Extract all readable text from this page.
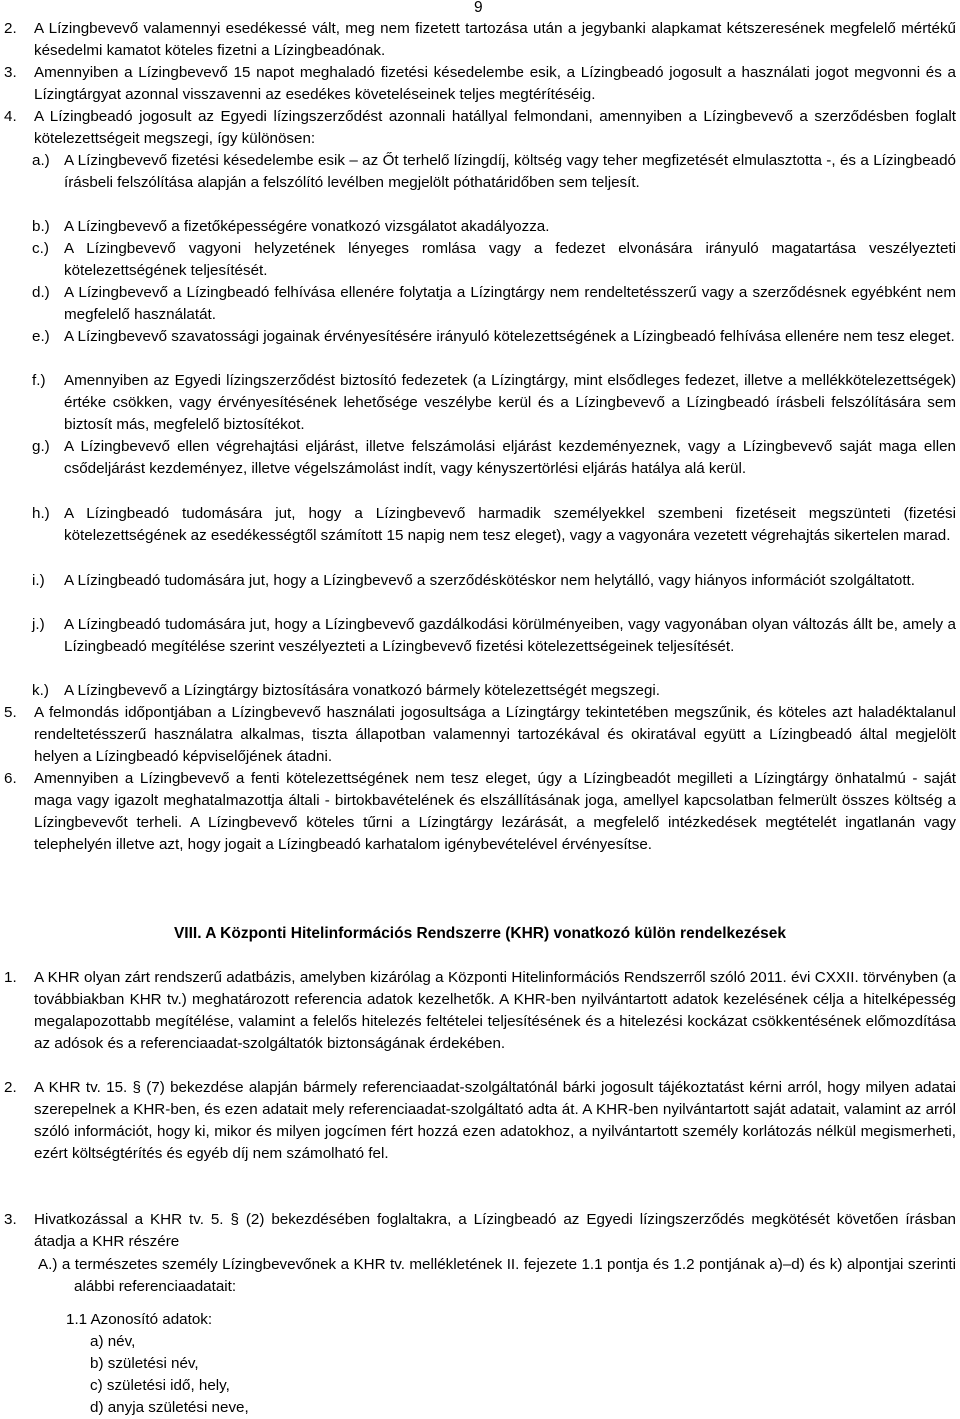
9
2. A Lízingbevevő valamennyi esedékessé vált, meg nem fizetett tartozása után a jegybanki alapkamat kétszeresének megfelelő mértékű késedelmi kamatot köteles fizetni a Lízingbeadónak.
3. Amennyiben a Lízingbevevő 15 napot meghaladó fizetési késedelembe esik, a Lízingbeadó jogosult a használati jogot megvonni és a Lízingtárgyat azonnal visszavenni az esedékes követeléseinek teljes megtérítéséig.
4. A Lízingbeadó jogosult az Egyedi lízingszerződést azonnali hatállyal felmondani, amennyiben a Lízingbevevő a szerződésben foglalt kötelezettségeit megszegi, így különösen:
a.) A Lízingbevevő fizetési késedelembe esik – az Őt terhelő lízingdíj, költség vagy teher megfizetését elmulasztotta -, és a Lízingbeadó írásbeli felszólítása alapján a felszólító levélben megjelölt póthatáridőben sem teljesít.
b.) A Lízingbevevő a fizetőképességére vonatkozó vizsgálatot akadályozza.
c.) A Lízingbevevő vagyoni helyzetének lényeges romlása vagy a fedezet elvonására irányuló magatartása veszélyezteti kötelezettségének teljesítését.
d.) A Lízingbevevő a Lízingbeadó felhívása ellenére folytatja a Lízingtárgy nem rendeltetésszerű vagy a szerződésnek egyébként nem megfelelő használatát.
e.) A Lízingbevevő szavatossági jogainak érvényesítésére irányuló kötelezettségének a Lízingbeadó felhívása ellenére nem tesz eleget.
f.) Amennyiben az Egyedi lízingszerződést biztosító fedezetek (a Lízingtárgy, mint elsődleges fedezet, illetve a mellékkötelezettségek) értéke csökken, vagy érvényesítésének lehetősége veszélybe kerül és a Lízingbevevő a Lízingbeadó írásbeli felszólítására sem biztosít más, megfelelő biztosítékot.
g.) A Lízingbevevő ellen végrehajtási eljárást, illetve felszámolási eljárást kezdeményeznek, vagy a Lízingbevevő saját maga ellen csődeljárást kezdeményez, illetve végelszámolást indít, vagy kényszertörlési eljárás hatálya alá kerül.
h.) A Lízingbeadó tudomására jut, hogy a Lízingbevevő harmadik személyekkel szembeni fizetéseit megszünteti (fizetési kötelezettségének az esedékességtől számított 15 napig nem tesz eleget), vagy a vagyonára vezetett végrehajtás sikertelen marad.
i.) A Lízingbeadó tudomására jut, hogy a Lízingbevevő a szerződéskötéskor nem helytálló, vagy hiányos információt szolgáltatott.
j.) A Lízingbeadó tudomására jut, hogy a Lízingbevevő gazdálkodási körülményeiben, vagy vagyonában olyan változás állt be, amely a Lízingbeadó megítélése szerint veszélyezteti a Lízingbevevő fizetési kötelezettségeinek teljesítését.
k.) A Lízingbevevő a Lízingtárgy biztosítására vonatkozó bármely kötelezettségét megszegi.
5. A felmondás időpontjában a Lízingbevevő használati jogosultsága a Lízingtárgy tekintetében megszűnik, és köteles azt haladéktalanul rendeltetésszerű használatra alkalmas, tiszta állapotban valamennyi tartozékával és okiratával együtt a Lízingbeadó által megjelölt helyen a Lízingbeadó képviselőjének átadni.
6. Amennyiben a Lízingbevevő a fenti kötelezettségének nem tesz eleget, úgy a Lízingbeadót megilleti a Lízingtárgy önhatalmú - saját maga vagy igazolt meghatalmazottja általi - birtokbavételének és elszállításának joga, amellyel kapcsolatban felmerült összes költség a Lízingbevevőt terheli. A Lízingbevevő köteles tűrni a Lízingtárgy lezárását, a megfelelő intézkedések megtételét ingatlanán vagy telephelyén illetve azt, hogy jogait a Lízingbeadó karhatalom igénybevételével érvényesítse.
VIII. A Központi Hitelinformációs Rendszerre (KHR) vonatkozó külön rendelkezések
1. A KHR olyan zárt rendszerű adatbázis, amelyben kizárólag a Központi Hitelinformációs Rendszerről szóló 2011. évi CXXII. törvényben (a továbbiakban KHR tv.) meghatározott referencia adatok kezelhetők. A KHR-ben nyilvántartott adatok kezelésének célja a hitelképesség megalapozottabb megítélése, valamint a felelős hitelezés feltételei teljesítésének és a hitelezési kockázat csökkentésének előmozdítása az adósok és a referenciaadat-szolgáltatók biztonságának érdekében.
2. A KHR tv. 15. § (7) bekezdése alapján bármely referenciaadat-szolgáltatónál bárki jogosult tájékoztatást kérni arról, hogy milyen adatai szerepelnek a KHR-ben, és ezen adatait mely referenciaadat-szolgáltató adta át. A KHR-ben nyilvántartott saját adatait, valamint az arról szóló információt, hogy ki, mikor és milyen jogcímen fért hozzá ezen adatokhoz, a nyilvántartott személy korlátozás nélkül megismerheti, ezért költségtérítés és egyéb díj nem számolható fel.
3. Hivatkozással a KHR tv. 5. § (2) bekezdésében foglaltakra, a Lízingbeadó az Egyedi lízingszerződés megkötését követően írásban átadja a KHR részére
A.) a természetes személy Lízingbevevőnek a KHR tv. mellékletének II. fejezete 1.1 pontja és 1.2 pontjának a)–d) és k) alpontjai szerinti alábbi referenciaadatait:
1.1 Azonosító adatok:
a) név,
b) születési név,
c) születési idő, hely,
d) anyja születési neve,
